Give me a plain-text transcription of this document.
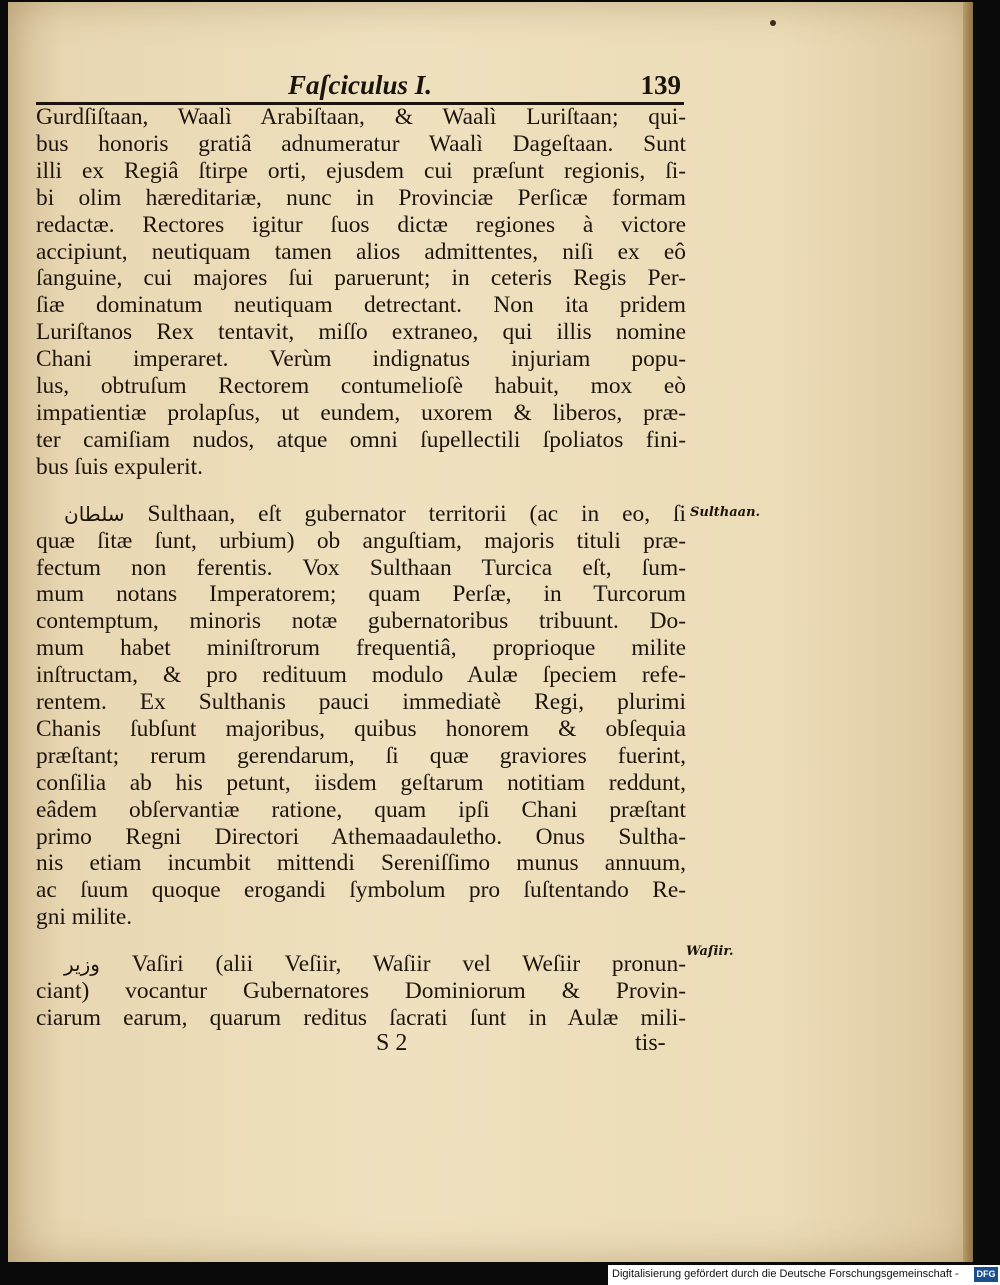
Faſciculus I.	139
Gurdſiſtaan, Waalì Arabiſtaan, & Waalì Luriſtaan; qui-
bus honoris gratiâ adnumeratur Waalì Dageſtaan. Sunt
illi ex Regiâ ſtirpe orti, ejusdem cui præſunt regionis, ſi-
bi olim hæreditariæ, nunc in Provinciæ Perſicæ formam
redactæ. Rectores igitur ſuos dictæ regiones à victore
accipiunt, neutiquam tamen alios admittentes, niſi ex eô
ſanguine, cui majores ſui paruerunt; in ceteris Regis Per-
ſiæ dominatum neutiquam detrectant. Non ita pridem
Luriſtanos Rex tentavit, miſſo extraneo, qui illis nomine
Chani imperaret. Verùm indignatus injuriam popu-
lus, obtruſum Rectorem contumelioſè habuit, mox eò
impatientiæ prolapſus, ut eundem, uxorem & liberos, præ-
ter camiſiam nudos, atque omni ſupellectili ſpoliatos fini-
bus ſuis expulerit.
سلطان Sulthaan, eſt gubernator territorii (ac in eo, ſi
quæ ſitæ ſunt, urbium) ob anguſtiam, majoris tituli præ-
fectum non ferentis. Vox Sulthaan Turcica eſt, ſum-
mum notans Imperatorem; quam Perſæ, in Turcorum
contemptum, minoris notæ gubernatoribus tribuunt. Do-
mum habet miniſtrorum frequentiâ, proprioque milite
inſtructam, & pro redituum modulo Aulæ ſpeciem refe-
rentem. Ex Sulthanis pauci immediatè Regi, plurimi
Chanis ſubſunt majoribus, quibus honorem & obſequia
præſtant; rerum gerendarum, ſi quæ graviores fuerint,
conſilia ab his petunt, iisdem geſtarum notitiam reddunt,
eâdem obſervantiæ ratione, quam ipſi Chani præſtant
primo Regni Directori Athemaadauletho. Onus Sultha-
nis etiam incumbit mittendi Sereniſſimo munus annuum,
ac ſuum quoque erogandi ſymbolum pro ſuſtentando Re-
gni milite.
وزیر Vaſiri (alii Veſiir, Waſiir vel Weſiir pronun-
ciant) vocantur Gubernatores Dominiorum & Provin-
ciarum earum, quarum reditus ſacrati ſunt in Aulæ mili-
Sulthaan.
Waſiir.
S 2	tis-
Digitalisierung gefördert durch die Deutsche Forschungsgemeinschaft - DFG
